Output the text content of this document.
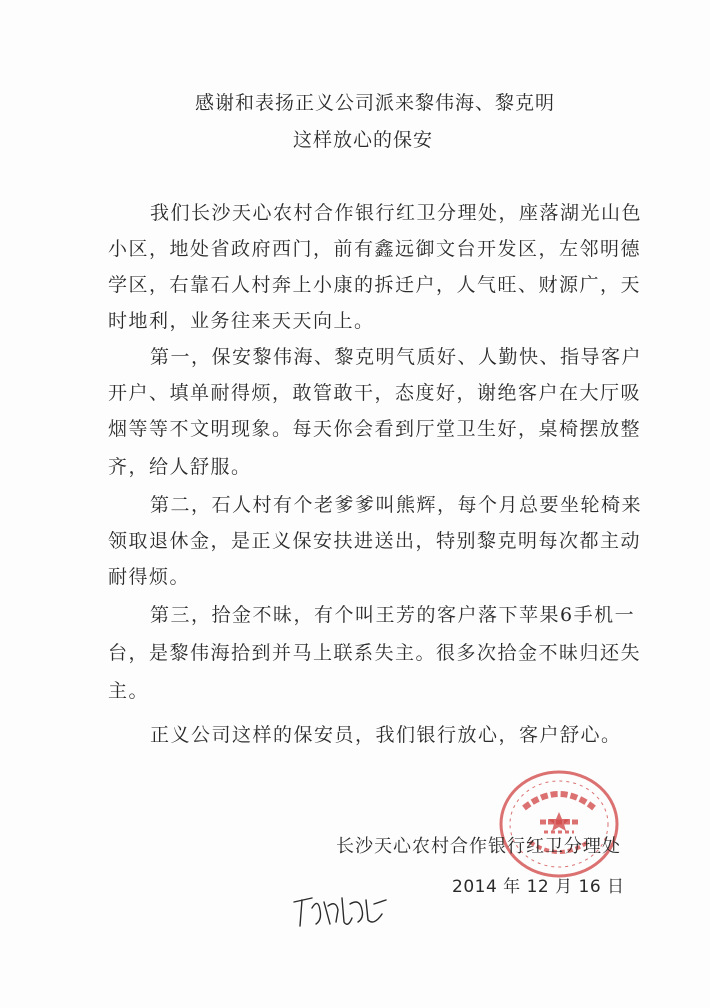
感谢和表扬正义公司派来黎伟海、黎克明
这样放心的保安
我们长沙天心农村合作银行红卫分理处，座落湖光山色
小区，地处省政府西门，前有鑫远御文台开发区，左邻明德
学区，右靠石人村奔上小康的拆迁户，人气旺、财源广，天
时地利，业务往来天天向上。
第一，保安黎伟海、黎克明气质好、人勤快、指导客户
开户、填单耐得烦，敢管敢干，态度好，谢绝客户在大厅吸
烟等等不文明现象。每天你会看到厅堂卫生好，桌椅摆放整
齐，给人舒服。
第二，石人村有个老爹爹叫熊辉，每个月总要坐轮椅来
领取退休金，是正义保安扶进送出，特别黎克明每次都主动
耐得烦。
第三，拾金不昧，有个叫王芳的客户落下苹果6手机一
台，是黎伟海拾到并马上联系失主。很多次拾金不昧归还失
主。
正义公司这样的保安员，我们银行放心，客户舒心。
长沙天心农村合作银行红卫分理处
2014 年 12 月 16 日
